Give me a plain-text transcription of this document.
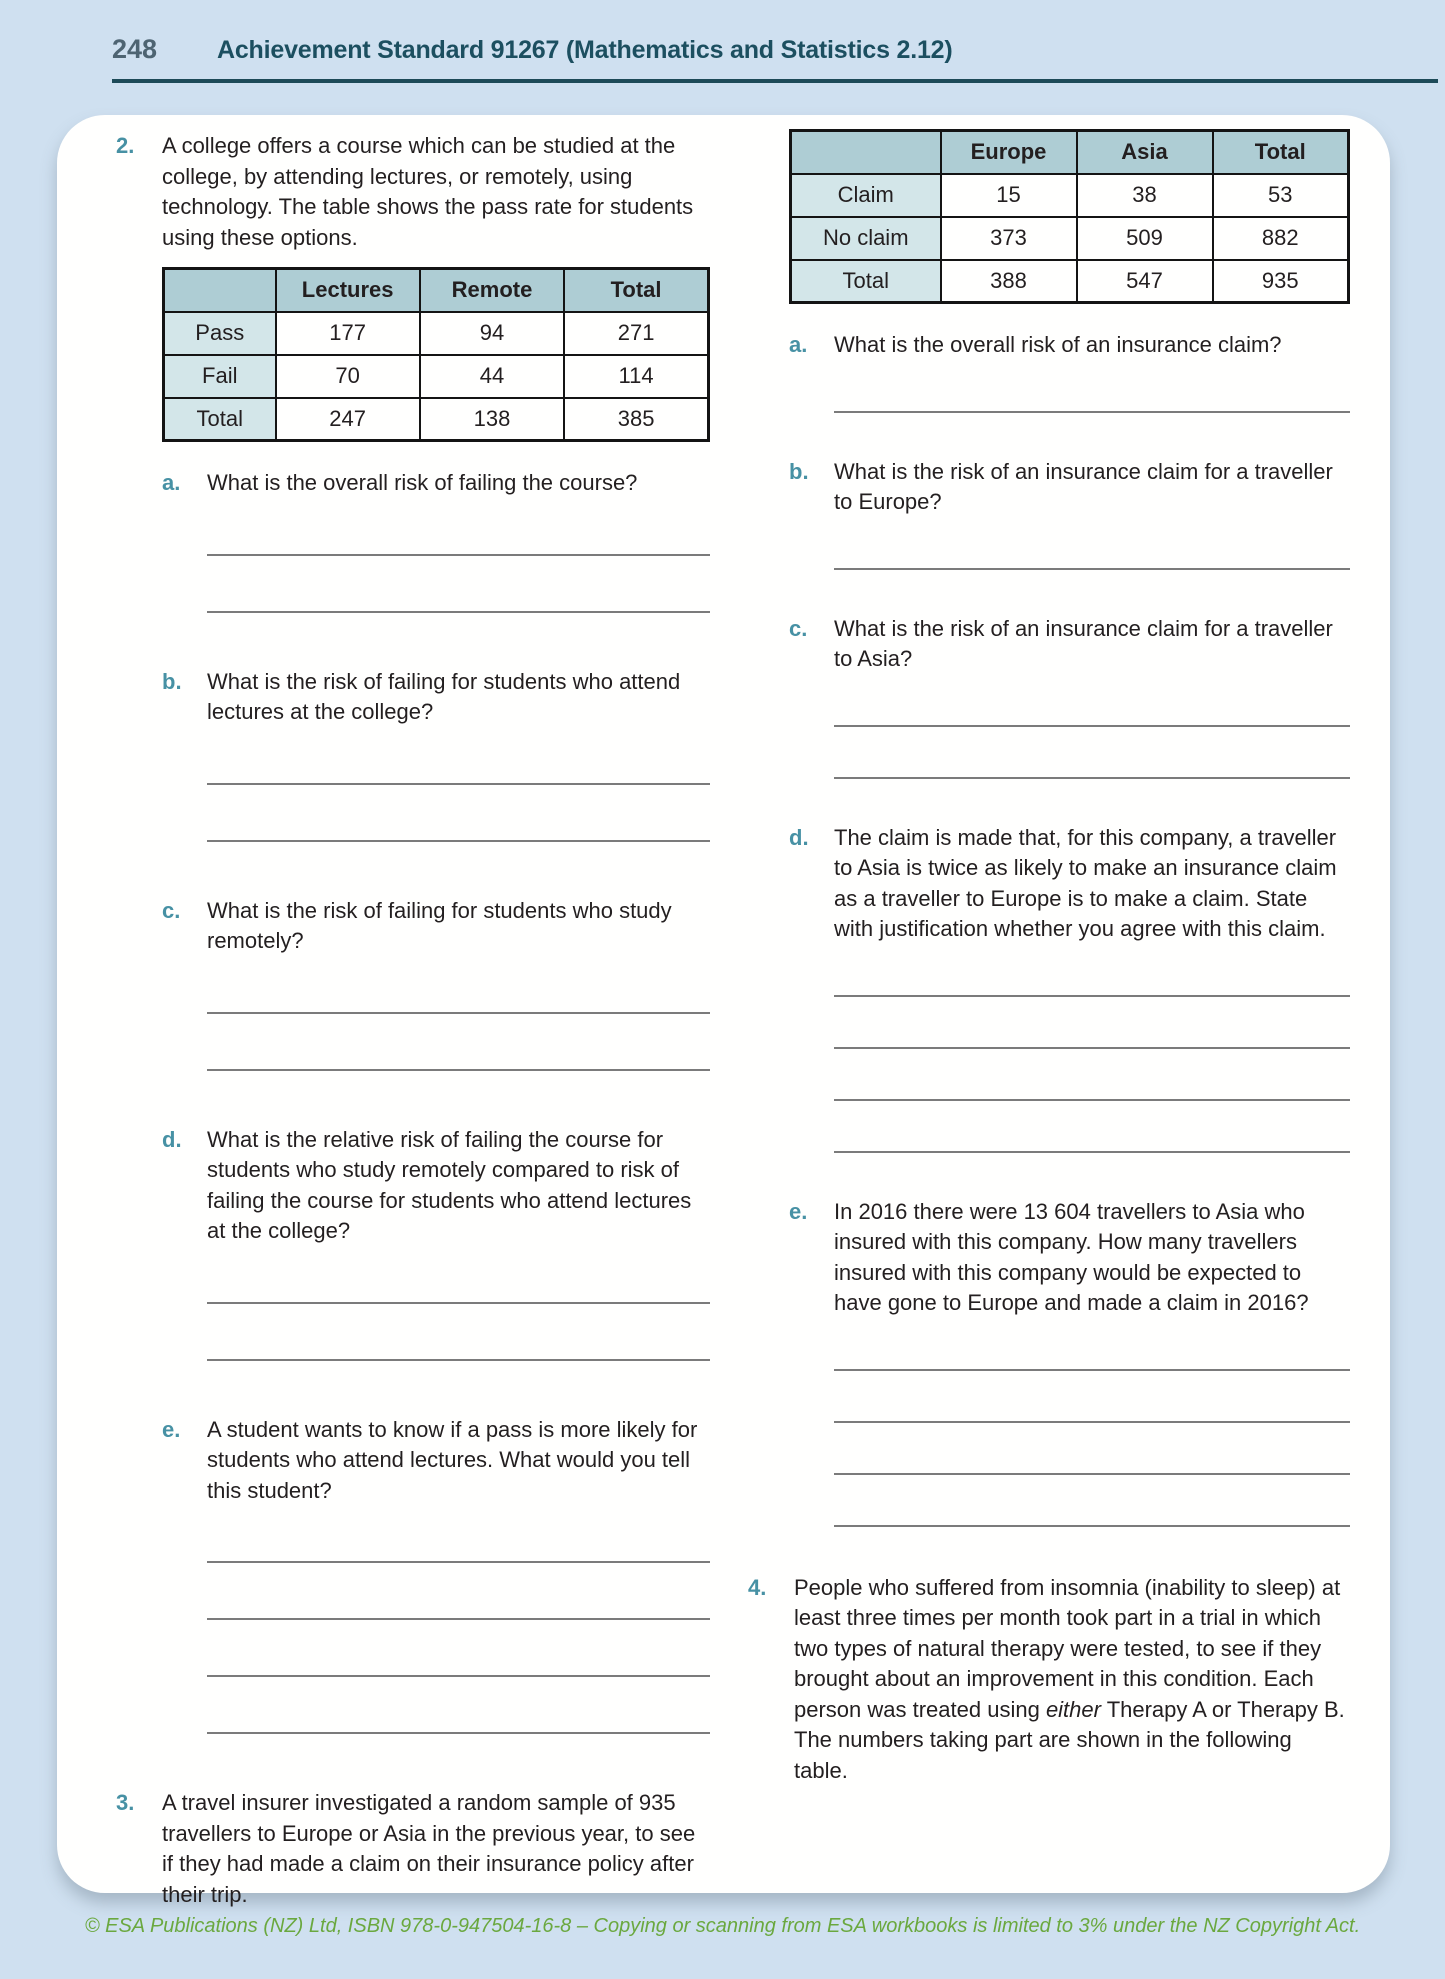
248	Achievement Standard 91267 (Mathematics and Statistics 2.12)
2.	A college offers a course which can be studied at the college, by attending lectures, or remotely, using technology. The table shows the pass rate for students using these options.
	Lectures	Remote	Total
Pass	177	94	271
Fail	70	44	114
Total	247	138	385
a.	What is the overall risk of failing the course?
b.	What is the risk of failing for students who attend lectures at the college?
c.	What is the risk of failing for students who study remotely?
d.	What is the relative risk of failing the course for students who study remotely compared to risk of failing the course for students who attend lectures at the college?
e.	A student wants to know if a pass is more likely for students who attend lectures. What would you tell this student?
3.	A travel insurer investigated a random sample of 935 travellers to Europe or Asia in the previous year, to see if they had made a claim on their insurance policy after their trip.
	Europe	Asia	Total
Claim	15	38	53
No claim	373	509	882
Total	388	547	935
a.	What is the overall risk of an insurance claim?
b.	What is the risk of an insurance claim for a traveller to Europe?
c.	What is the risk of an insurance claim for a traveller to Asia?
d.	The claim is made that, for this company, a traveller to Asia is twice as likely to make an insurance claim as a traveller to Europe is to make a claim. State with justification whether you agree with this claim.
e.	In 2016 there were 13 604 travellers to Asia who insured with this company. How many travellers insured with this company would be expected to have gone to Europe and made a claim in 2016?
4.	People who suffered from insomnia (inability to sleep) at least three times per month took part in a trial in which two types of natural therapy were tested, to see if they brought about an improvement in this condition. Each person was treated using either Therapy A or Therapy B. The numbers taking part are shown in the following table.
© ESA Publications (NZ) Ltd, ISBN 978-0-947504-16-8 – Copying or scanning from ESA workbooks is limited to 3% under the NZ Copyright Act.
